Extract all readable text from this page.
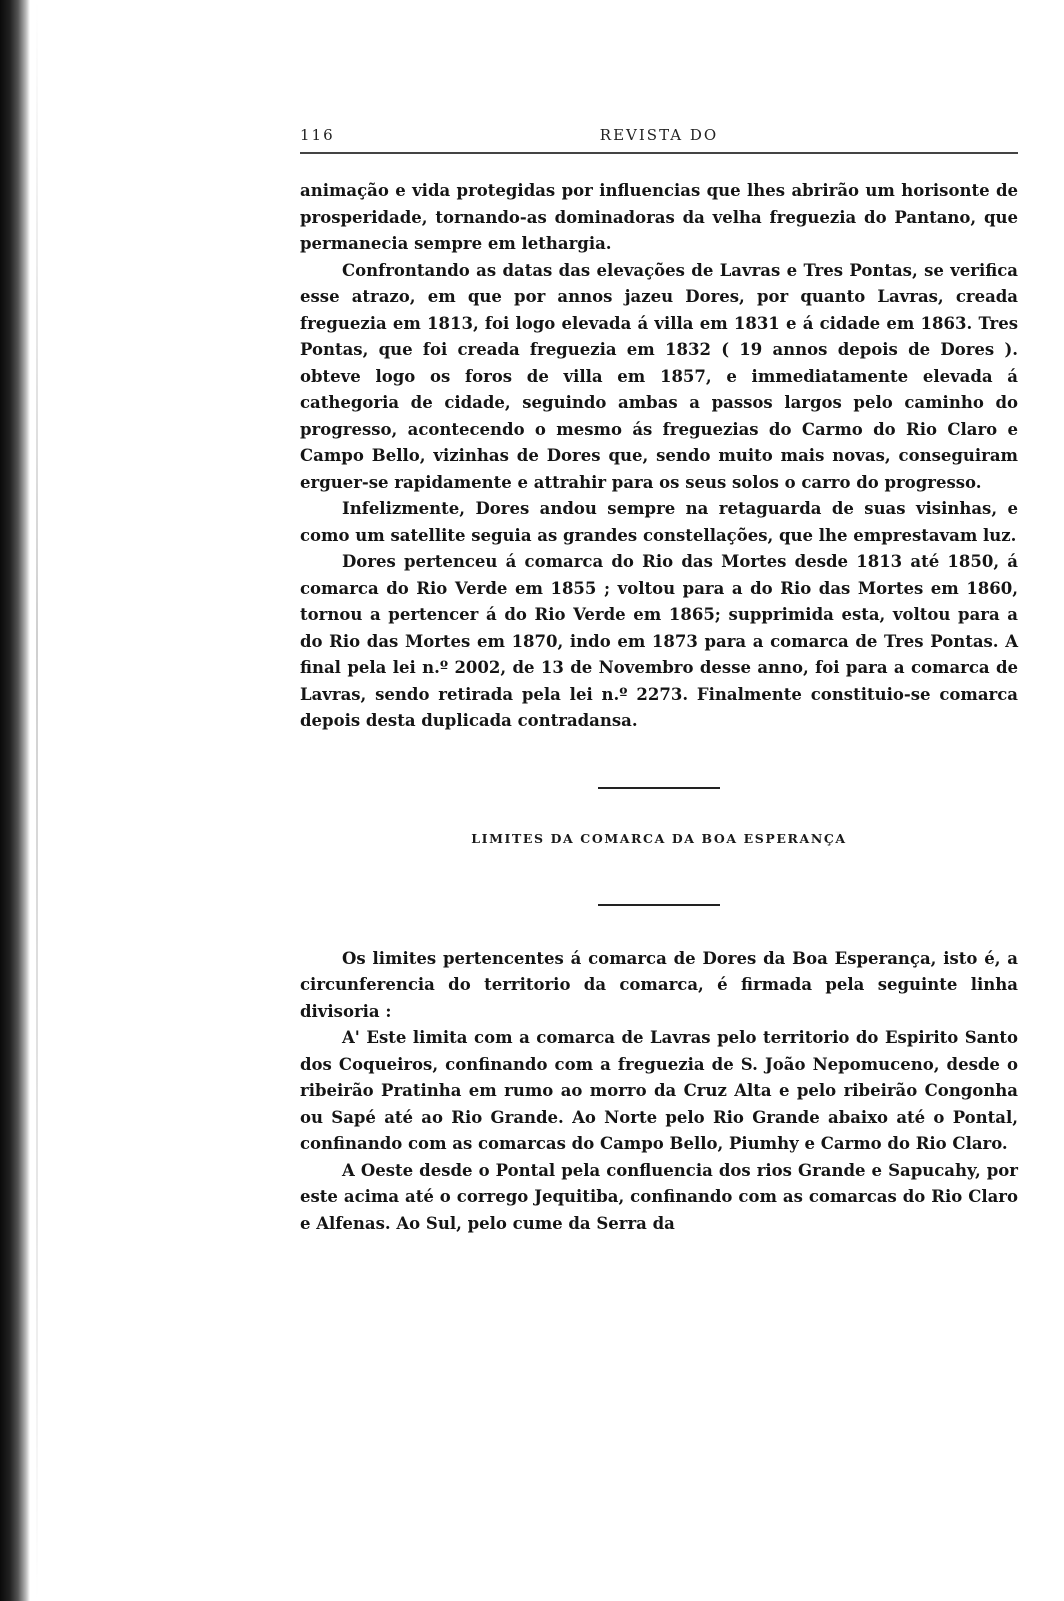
116	REVISTA DO

animação e vida protegidas por influencias que lhes abrirão um horisonte de prosperidade, tornando-as dominadoras da velha freguezia do Pantano, que permanecia sempre em lethargia.

Confrontando as datas das elevações de Lavras e Tres Pontas, se verifica esse atrazo, em que por annos jazeu Dores, por quanto Lavras, creada freguezia em 1813, foi logo elevada á villa em 1831 e á cidade em 1863. Tres Pontas, que foi creada freguezia em 1832 ( 19 annos depois de Dores ). obteve logo os foros de villa em 1857, e immediatamente elevada á cathegoria de cidade, seguindo ambas a passos largos pelo caminho do progresso, acontecendo o mesmo ás freguezias do Carmo do Rio Claro e Campo Bello, vizinhas de Dores que, sendo muito mais novas, conseguiram erguer-se rapidamente e attrahir para os seus solos o carro do progresso.

Infelizmente, Dores andou sempre na retaguarda de suas visinhas, e como um satellite seguia as grandes constellações, que lhe emprestavam luz.

Dores pertenceu á comarca do Rio das Mortes desde 1813 até 1850, á comarca do Rio Verde em 1855 ; voltou para a do Rio das Mortes em 1860, tornou a pertencer á do Rio Verde em 1865; supprimida esta, voltou para a do Rio das Mortes em 1870, indo em 1873 para a comarca de Tres Pontas. A final pela lei n.º 2002, de 13 de Novembro desse anno, foi para a comarca de Lavras, sendo retirada pela lei n.º 2273. Finalmente constituio-se comarca depois desta duplicada contradansa.

LIMITES DA COMARCA DA BOA ESPERANÇA

Os limites pertencentes á comarca de Dores da Boa Esperança, isto é, a circunferencia do territorio da comarca, é firmada pela seguinte linha divisoria :

A' Este limita com a comarca de Lavras pelo territorio do Espirito Santo dos Coqueiros, confinando com a freguezia de S. João Nepomuceno, desde o ribeirão Pratinha em rumo ao morro da Cruz Alta e pelo ribeirão Congonha ou Sapé até ao Rio Grande. Ao Norte pelo Rio Grande abaixo até o Pontal, confinando com as comarcas do Campo Bello, Piumhy e Carmo do Rio Claro.

A Oeste desde o Pontal pela confluencia dos rios Grande e Sapucahy, por este acima até o corrego Jequitiba, confinando com as comarcas do Rio Claro e Alfenas. Ao Sul, pelo cume da Serra da
